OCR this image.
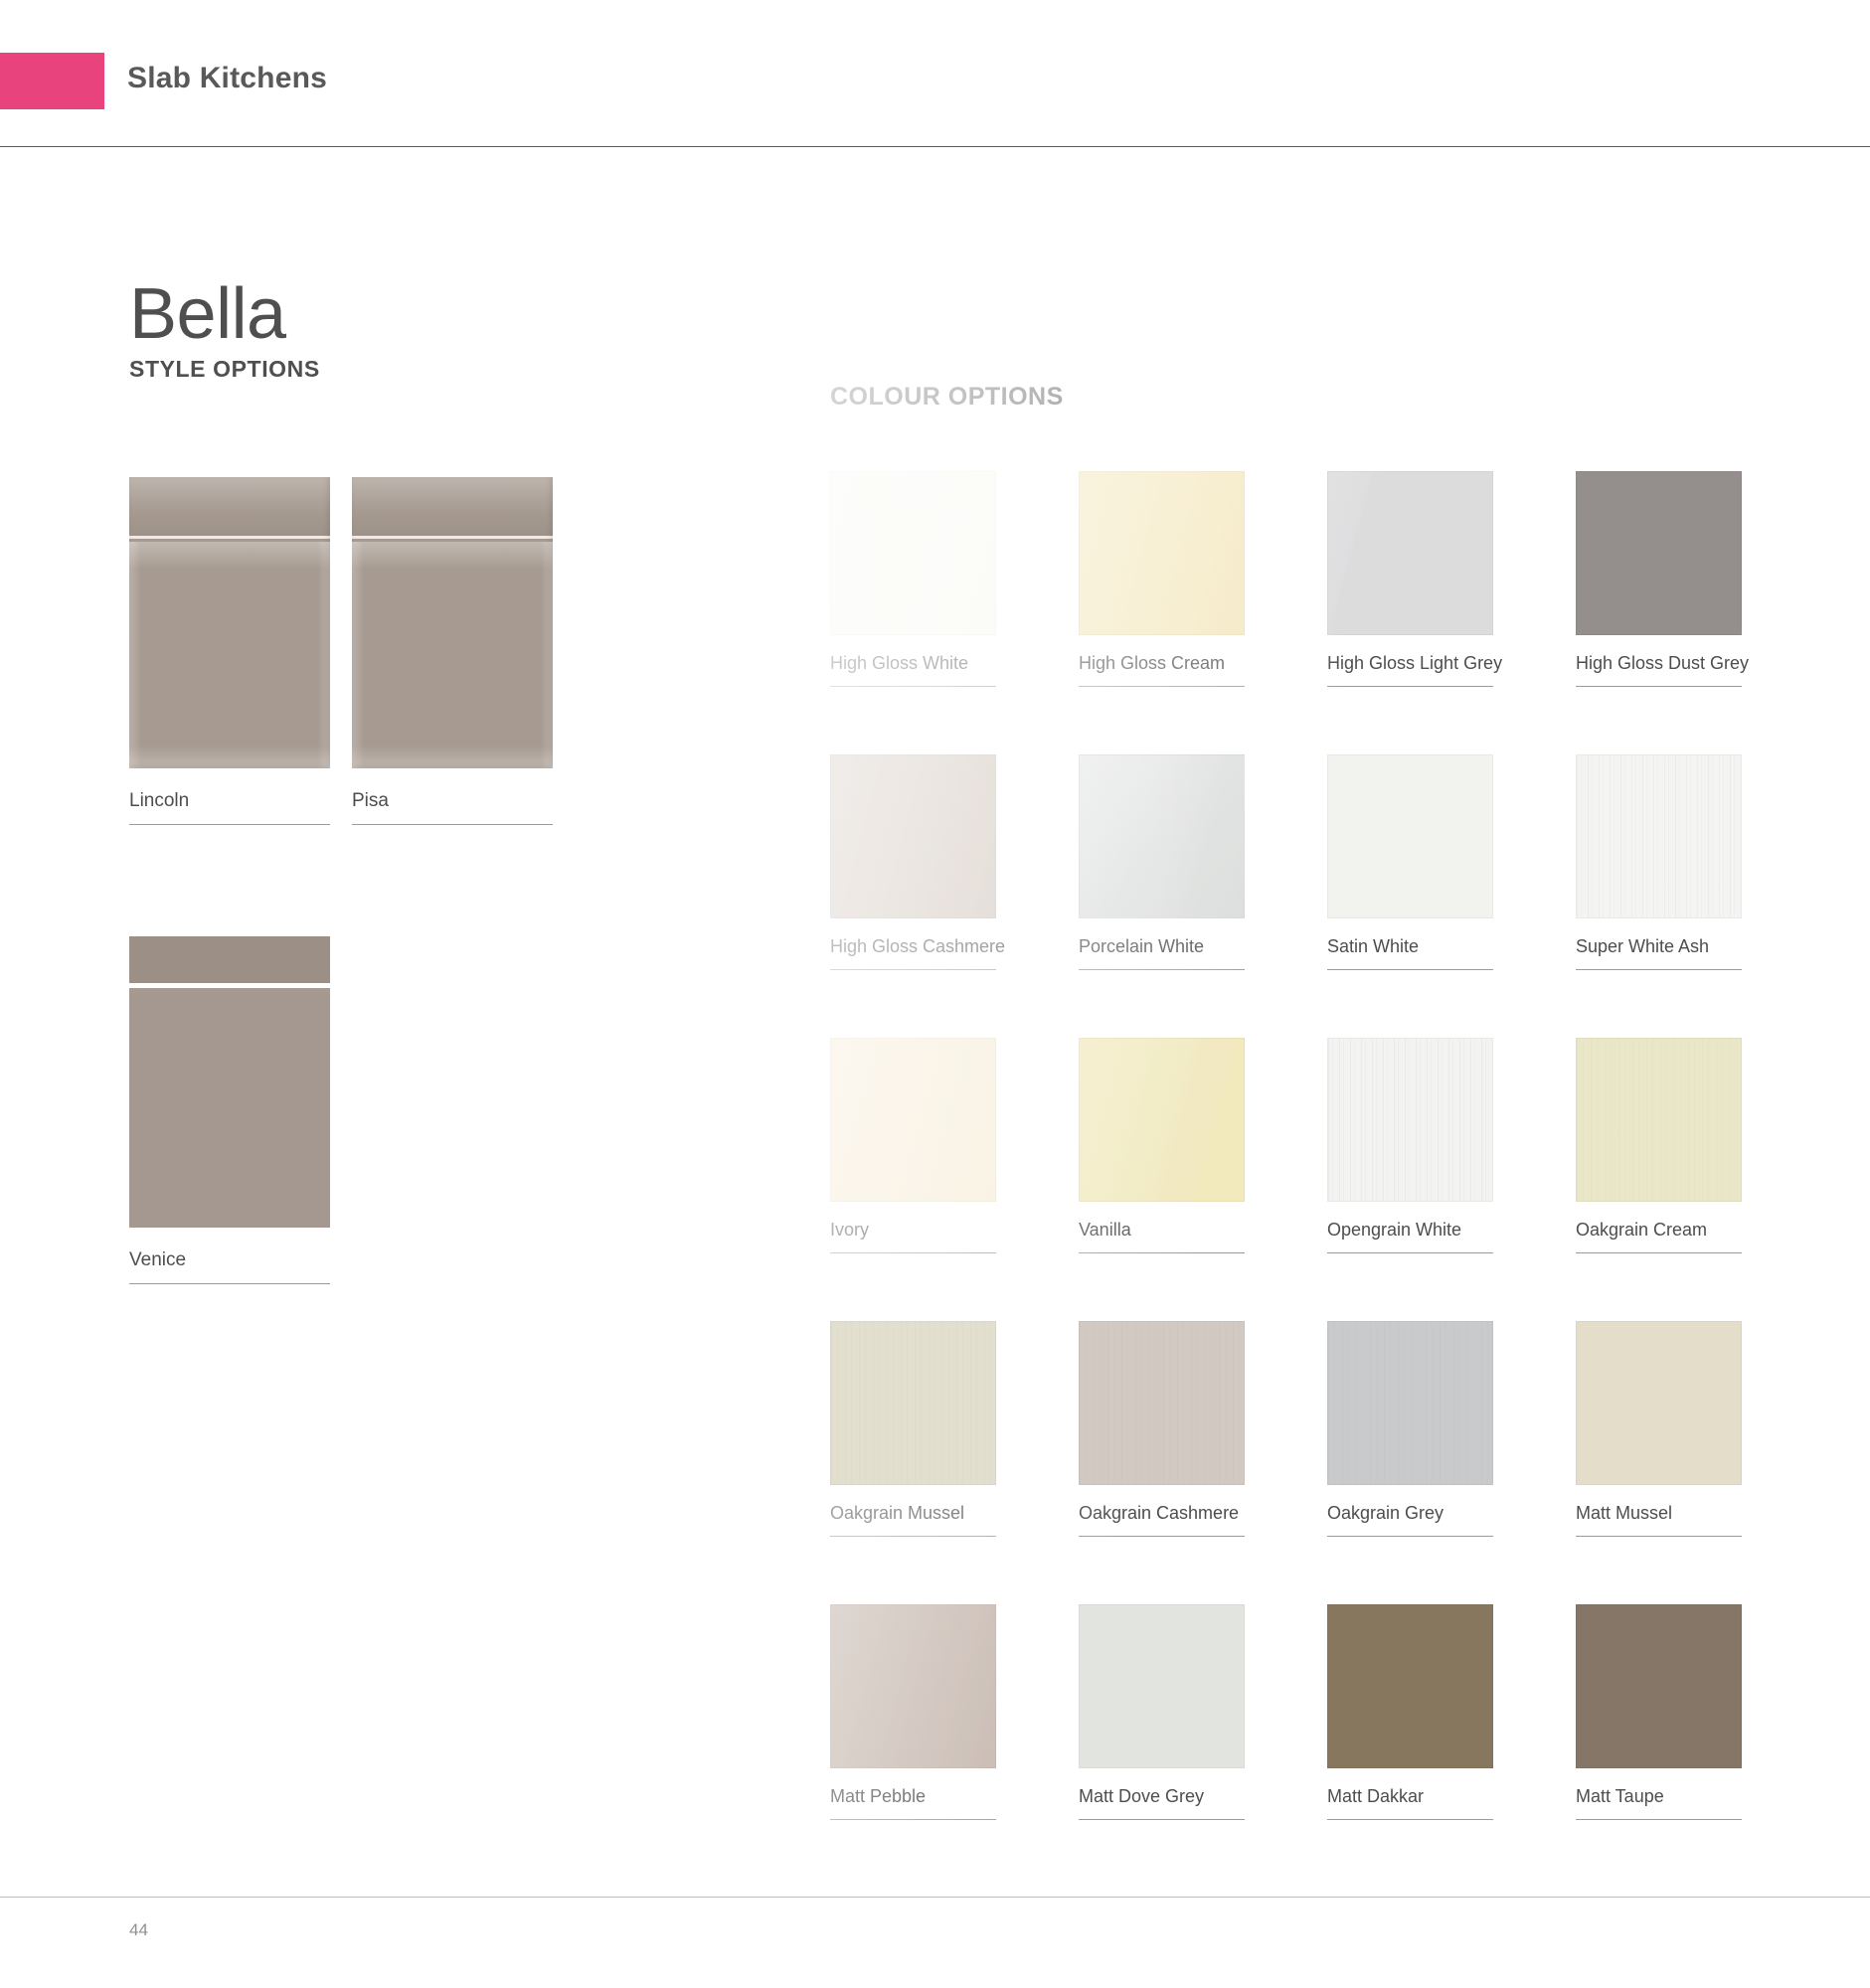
Slab Kitchens
Bella
STYLE OPTIONS
Lincoln	Pisa
Venice
44
